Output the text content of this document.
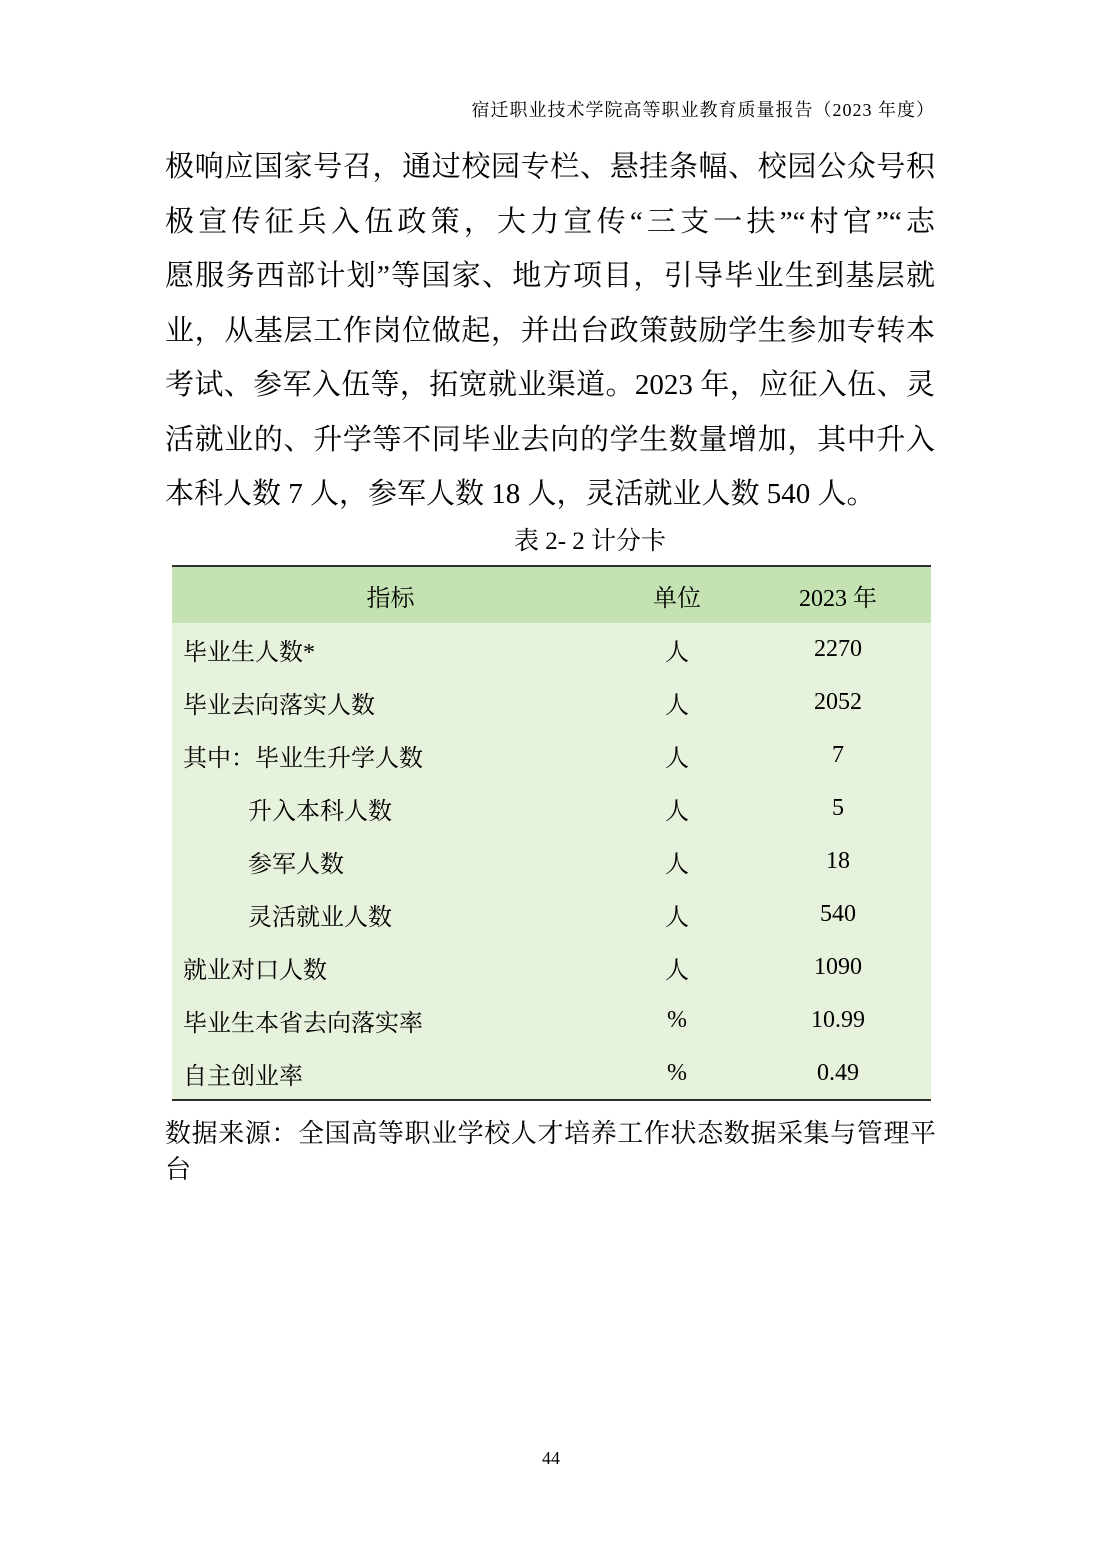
宿迁职业技术学院高等职业教育质量报告（2023 年度）
极响应国家号召，通过校园专栏、悬挂条幅、校园公众号积
极宣传征兵入伍政策，大力宣传“三支一扶”“村官”“志
愿服务西部计划”等国家、地方项目，引导毕业生到基层就
业，从基层工作岗位做起，并出台政策鼓励学生参加专转本
考试、参军入伍等，拓宽就业渠道。2023 年，应征入伍、灵
活就业的、升学等不同毕业去向的学生数量增加，其中升入
本科人数 7 人，参军人数 18 人，灵活就业人数 540 人。
表 2- 2 计分卡
指标	单位	2023 年
毕业生人数*	人	2270
毕业去向落实人数	人	2052
其中：毕业生升学人数	人	7
升入本科人数	人	5
参军人数	人	18
灵活就业人数	人	540
就业对口人数	人	1090
毕业生本省去向落实率	%	10.99
自主创业率	%	0.49
数据来源：全国高等职业学校人才培养工作状态数据采集与管理平台
44
